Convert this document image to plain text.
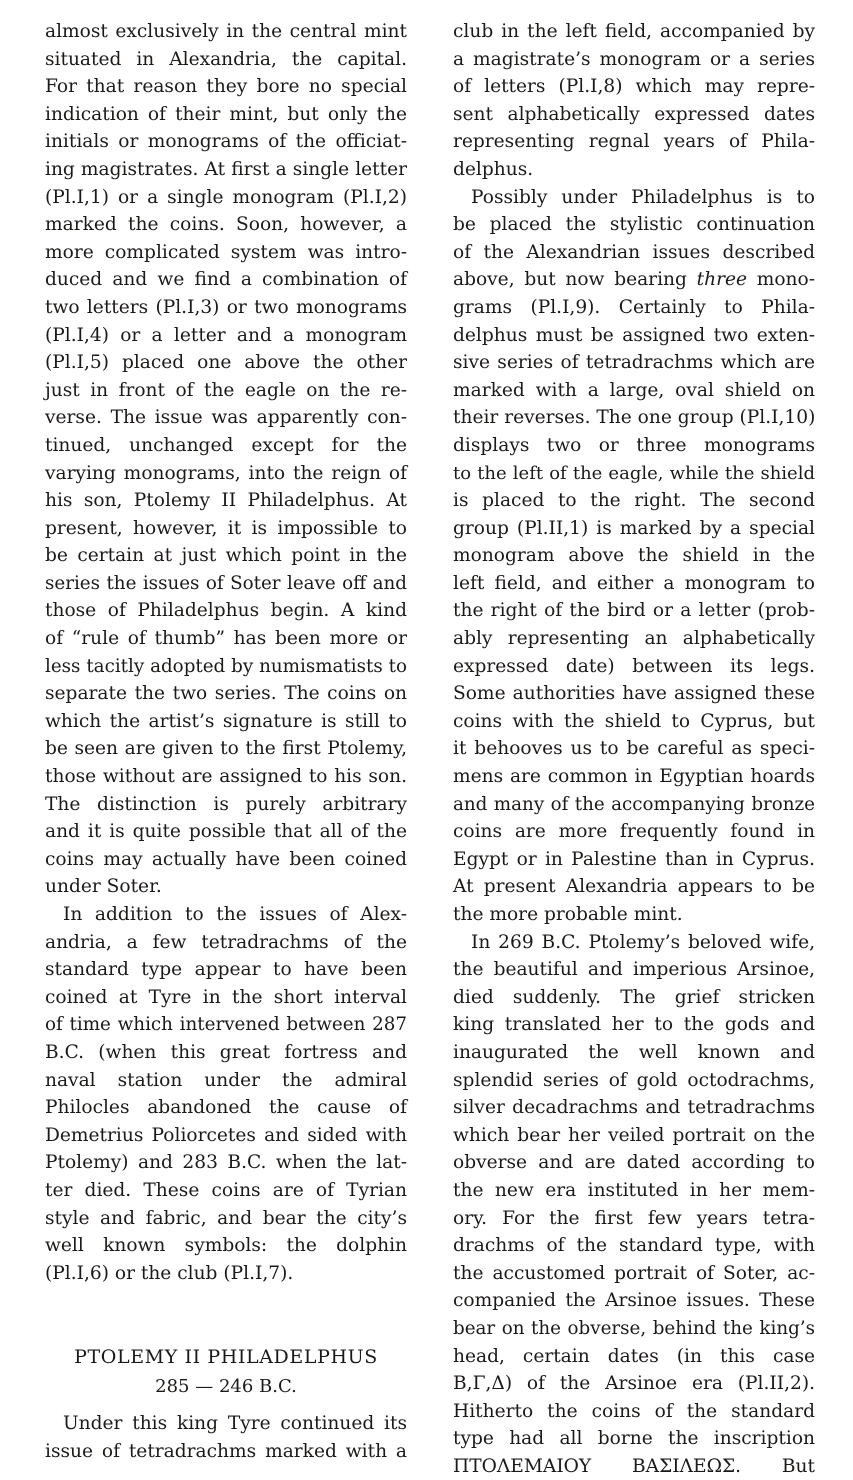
almost exclusively in the central mint
situated in Alexandria, the capital.
For that reason they bore no special
indication of their mint, but only the
initials or monograms of the officiat-
ing magistrates. At first a single letter
(Pl.I,1) or a single monogram (Pl.I,2)
marked the coins. Soon, however, a
more complicated system was intro-
duced and we find a combination of
two letters (Pl.I,3) or two monograms
(Pl.I,4) or a letter and a monogram
(Pl.I,5) placed one above the other
just in front of the eagle on the re-
verse. The issue was apparently con-
tinued, unchanged except for the
varying monograms, into the reign of
his son, Ptolemy II Philadelphus. At
present, however, it is impossible to
be certain at just which point in the
series the issues of Soter leave off and
those of Philadelphus begin. A kind
of “rule of thumb” has been more or
less tacitly adopted by numismatists to
separate the two series. The coins on
which the artist’s signature is still to
be seen are given to the first Ptolemy,
those without are assigned to his son.
The distinction is purely arbitrary
and it is quite possible that all of the
coins may actually have been coined
under Soter.
In addition to the issues of Alex-
andria, a few tetradrachms of the
standard type appear to have been
coined at Tyre in the short interval
of time which intervened between 287
B.C. (when this great fortress and
naval station under the admiral
Philocles abandoned the cause of
Demetrius Poliorcetes and sided with
Ptolemy) and 283 B.C. when the lat-
ter died. These coins are of Tyrian
style and fabric, and bear the city’s
well known symbols: the dolphin
(Pl.I,6) or the club (Pl.I,7).
PTOLEMY II PHILADELPHUS
285 — 246 B.C.
Under this king Tyre continued its
issue of tetradrachms marked with a
club in the left field, accompanied by
a magistrate’s monogram or a series
of letters (Pl.I,8) which may repre-
sent alphabetically expressed dates
representing regnal years of Phila-
delphus.
Possibly under Philadelphus is to
be placed the stylistic continuation
of the Alexandrian issues described
above, but now bearing three mono-
grams (Pl.I,9). Certainly to Phila-
delphus must be assigned two exten-
sive series of tetradrachms which are
marked with a large, oval shield on
their reverses. The one group (Pl.I,10)
displays two or three monograms
to the left of the eagle, while the shield
is placed to the right. The second
group (Pl.II,1) is marked by a special
monogram above the shield in the
left field, and either a monogram to
the right of the bird or a letter (prob-
ably representing an alphabetically
expressed date) between its legs.
Some authorities have assigned these
coins with the shield to Cyprus, but
it behooves us to be careful as speci-
mens are common in Egyptian hoards
and many of the accompanying bronze
coins are more frequently found in
Egypt or in Palestine than in Cyprus.
At present Alexandria appears to be
the more probable mint.
In 269 B.C. Ptolemy’s beloved wife,
the beautiful and imperious Arsinoe,
died suddenly. The grief stricken
king translated her to the gods and
inaugurated the well known and
splendid series of gold octodrachms,
silver decadrachms and tetradrachms
which bear her veiled portrait on the
obverse and are dated according to
the new era instituted in her mem-
ory. For the first few years tetra-
drachms of the standard type, with
the accustomed portrait of Soter, ac-
companied the Arsinoe issues. These
bear on the obverse, behind the king’s
head, certain dates (in this case
B,Γ,Δ) of the Arsinoe era (Pl.II,2).
Hitherto the coins of the standard
type had all borne the inscription
ΠΤΟΛΕΜΑΙΟΥ ΒΑΣΙΛΕΩΣ. But
